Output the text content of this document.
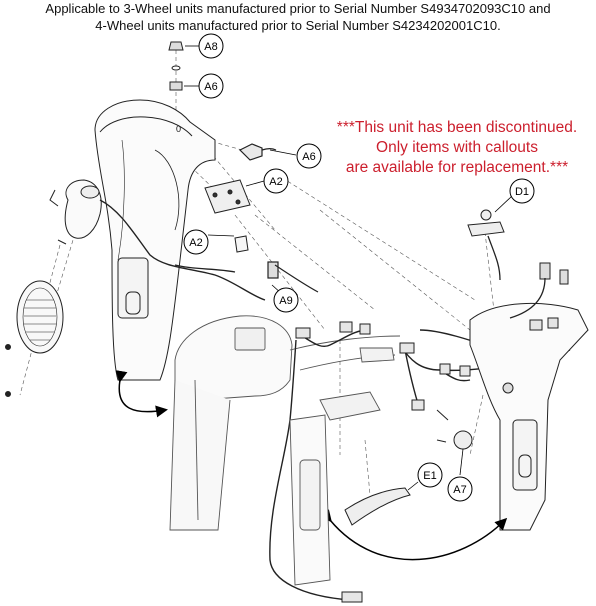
Applicable to 3-Wheel units manufactured prior to Serial Number S4934702093C10 and
4-Wheel units manufactured prior to Serial Number S4234202001C10.
0
A8
A6
A6
A2
A2
A9
D1
E1
A7
***This unit has been discontinued.
Only items with callouts
are available for replacement.***
